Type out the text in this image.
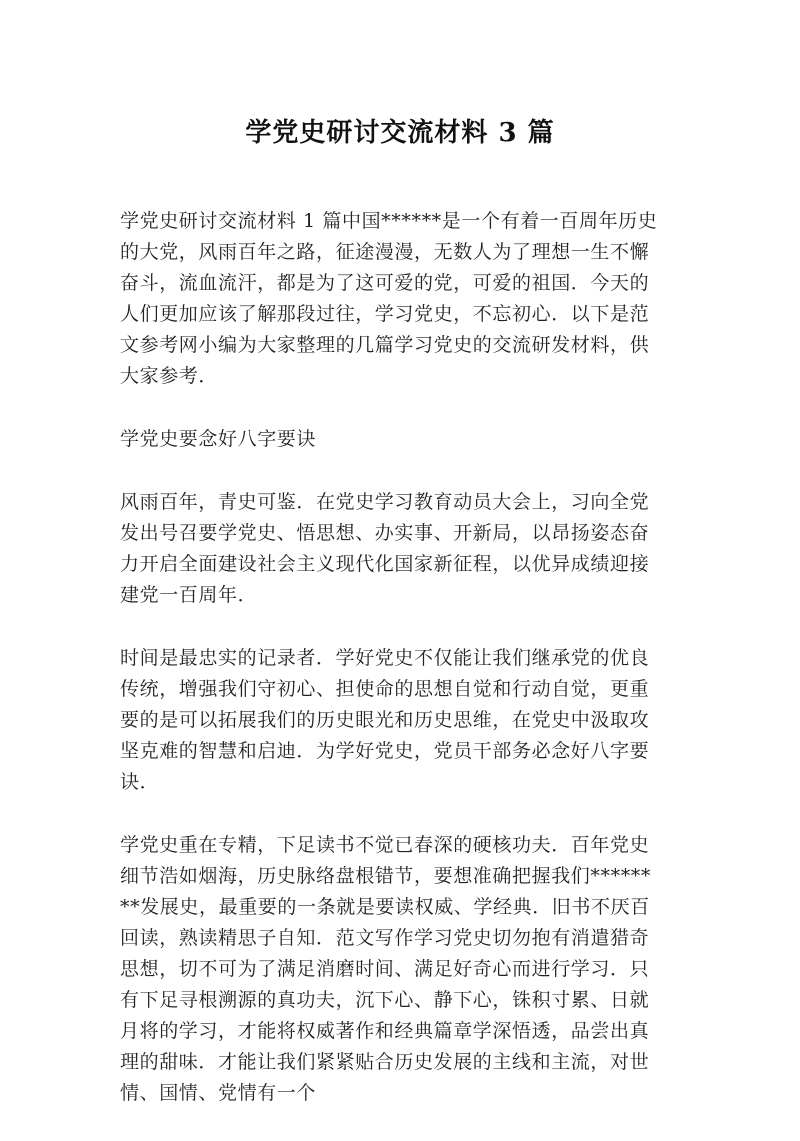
学党史研讨交流材料 3 篇

学党史研讨交流材料 1 篇中国******是一个有着一百周年历史的大党，风雨百年之路，征途漫漫，无数人为了理想一生不懈奋斗，流血流汗，都是为了这可爱的党，可爱的祖国．今天的人们更加应该了解那段过往，学习党史，不忘初心．以下是范文参考网小编为大家整理的几篇学习党史的交流研发材料，供大家参考．

学党史要念好八字要诀

风雨百年，青史可鉴．在党史学习教育动员大会上，习向全党发出号召要学党史、悟思想、办实事、开新局，以昂扬姿态奋力开启全面建设社会主义现代化国家新征程，以优异成绩迎接建党一百周年．

时间是最忠实的记录者．学好党史不仅能让我们继承党的优良传统，增强我们守初心、担使命的思想自觉和行动自觉，更重要的是可以拓展我们的历史眼光和历史思维，在党史中汲取攻坚克难的智慧和启迪．为学好党史，党员干部务必念好八字要诀．

学党史重在专精，下足读书不觉已春深的硬核功夫．百年党史细节浩如烟海，历史脉络盘根错节，要想准确把握我们********发展史，最重要的一条就是要读权威、学经典．旧书不厌百回读，熟读精思子自知．范文写作学习党史切勿抱有消遣猎奇思想，切不可为了满足消磨时间、满足好奇心而进行学习．只有下足寻根溯源的真功夫，沉下心、静下心，铢积寸累、日就月将的学习，才能将权威著作和经典篇章学深悟透，品尝出真理的甜味．才能让我们紧紧贴合历史发展的主线和主流，对世情、国情、党情有一个
